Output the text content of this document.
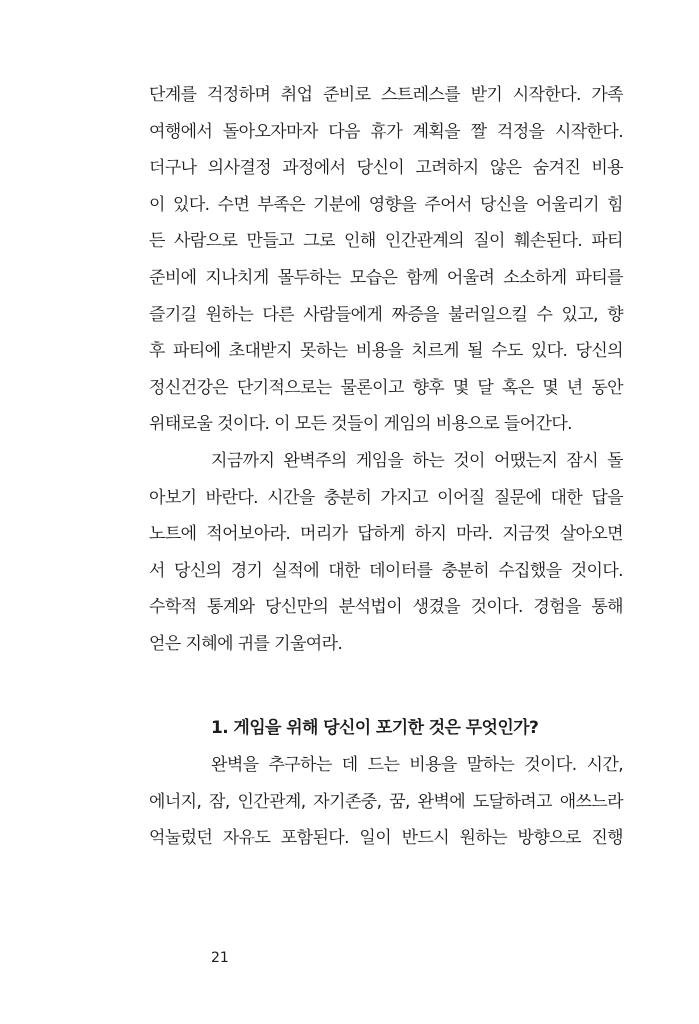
단계를 걱정하며 취업 준비로 스트레스를 받기 시작한다. 가족
여행에서 돌아오자마자 다음 휴가 계획을 짤 걱정을 시작한다.
더구나 의사결정 과정에서 당신이 고려하지 않은 숨겨진 비용
이 있다. 수면 부족은 기분에 영향을 주어서 당신을 어울리기 힘
든 사람으로 만들고 그로 인해 인간관계의 질이 훼손된다. 파티
준비에 지나치게 몰두하는 모습은 함께 어울려 소소하게 파티를
즐기길 원하는 다른 사람들에게 짜증을 불러일으킬 수 있고, 향
후 파티에 초대받지 못하는 비용을 치르게 될 수도 있다. 당신의
정신건강은 단기적으로는 물론이고 향후 몇 달 혹은 몇 년 동안
위태로울 것이다. 이 모든 것들이 게임의 비용으로 들어간다.
지금까지 완벽주의 게임을 하는 것이 어땠는지 잠시 돌
아보기 바란다. 시간을 충분히 가지고 이어질 질문에 대한 답을
노트에 적어보아라. 머리가 답하게 하지 마라. 지금껏 살아오면
서 당신의 경기 실적에 대한 데이터를 충분히 수집했을 것이다.
수학적 통계와 당신만의 분석법이 생겼을 것이다. 경험을 통해
얻은 지혜에 귀를 기울여라.
1. 게임을 위해 당신이 포기한 것은 무엇인가?
완벽을 추구하는 데 드는 비용을 말하는 것이다. 시간,
에너지, 잠, 인간관계, 자기존중, 꿈, 완벽에 도달하려고 애쓰느라
억눌렀던 자유도 포함된다. 일이 반드시 원하는 방향으로 진행
21
